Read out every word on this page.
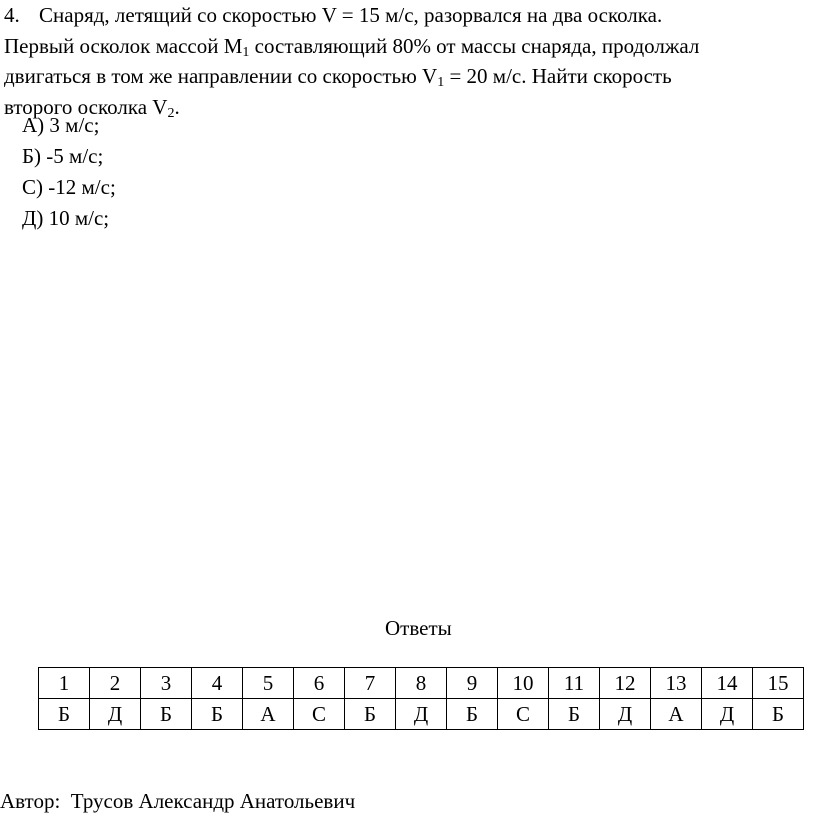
4. Снаряд, летящий со скоростью V = 15 м/с, разорвался на два осколка.
Первый осколок массой $M_1$ составляющий 80% от массы снаряда, продолжал
двигаться в том же направлении со скоростью $V_1 = 20$ м/с. Найти скорость
второго осколка $V_2$.
А) 3 м/с;
Б) -5 м/с;
С) -12 м/с;
Д) 10 м/с;
Ответы
1	2	3	4	5	6	7	8	9	10	11	12	13	14	15
Б	Д	Б	Б	А	С	Б	Д	Б	С	Б	Д	А	Д	Б
Автор: Трусов Александр Анатольевич
